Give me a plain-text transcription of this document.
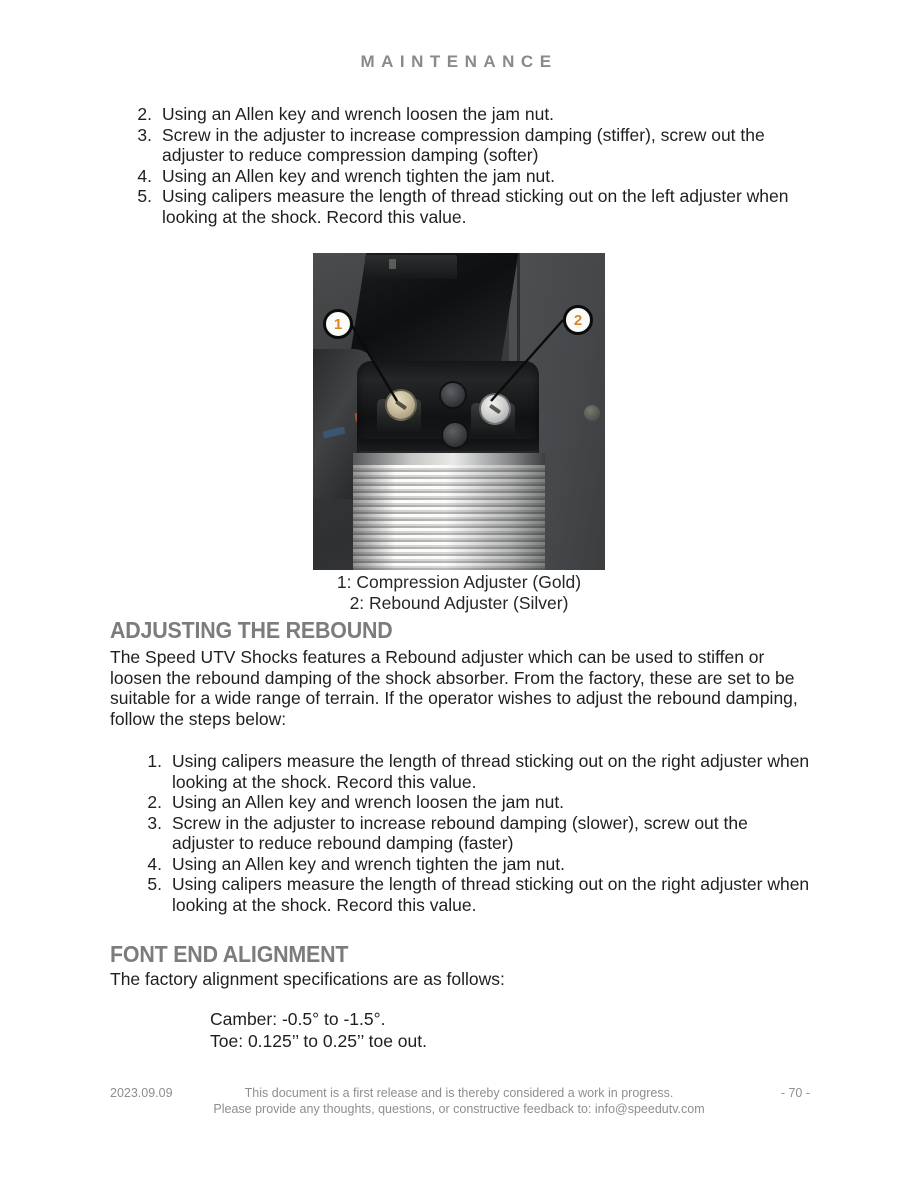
MAINTENANCE
2. Using an Allen key and wrench loosen the jam nut.
3. Screw in the adjuster to increase compression damping (stiffer), screw out the adjuster to reduce compression damping (softer)
4. Using an Allen key and wrench tighten the jam nut.
5. Using calipers measure the length of thread sticking out on the left adjuster when looking at the shock. Record this value.
1	2
1: Compression Adjuster (Gold)
2: Rebound Adjuster (Silver)
ADJUSTING THE REBOUND
The Speed UTV Shocks features a Rebound adjuster which can be used to stiffen or loosen the rebound damping of the shock absorber. From the factory, these are set to be suitable for a wide range of terrain. If the operator wishes to adjust the rebound damping, follow the steps below:
1. Using calipers measure the length of thread sticking out on the right adjuster when looking at the shock. Record this value.
2. Using an Allen key and wrench loosen the jam nut.
3. Screw in the adjuster to increase rebound damping (slower), screw out the adjuster to reduce rebound damping (faster)
4. Using an Allen key and wrench tighten the jam nut.
5. Using calipers measure the length of thread sticking out on the right adjuster when looking at the shock. Record this value.
FONT END ALIGNMENT
The factory alignment specifications are as follows:
Camber: -0.5° to -1.5°.
Toe: 0.125’’ to 0.25’’ toe out.
2023.09.09	- 70 -
This document is a first release and is thereby considered a work in progress.
Please provide any thoughts, questions, or constructive feedback to: info@speedutv.com
